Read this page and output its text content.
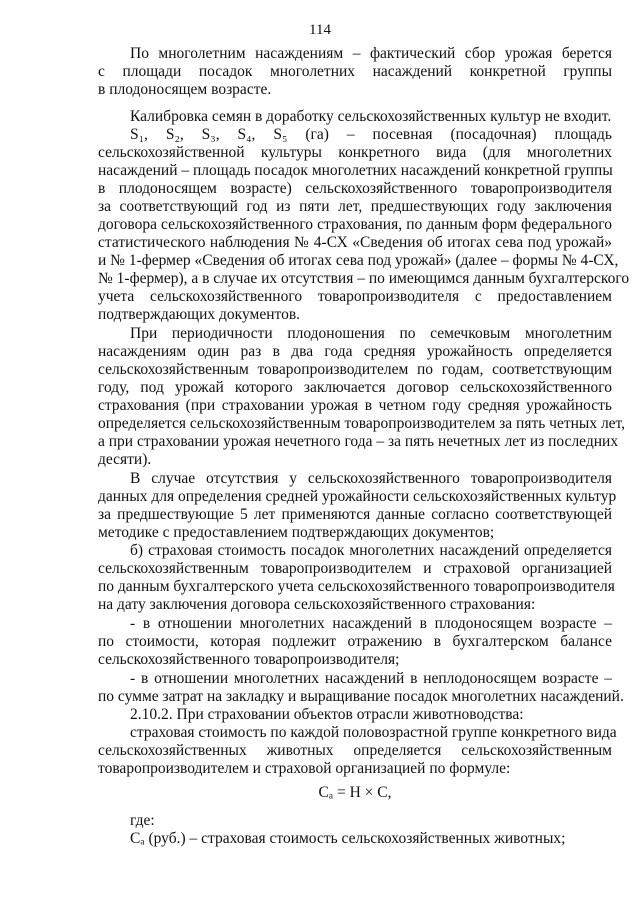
114
По многолетним насаждениям – фактический сбор урожая берется
с площади посадок многолетних насаждений конкретной группы
в плодоносящем возрасте.
Калибровка семян в доработку сельскохозяйственных культур не входит.
S₁, S₂, S₃, S₄, S₅ (га) – посевная (посадочная) площадь
сельскохозяйственной культуры конкретного вида (для многолетних
насаждений – площадь посадок многолетних насаждений конкретной группы
в плодоносящем возрасте) сельскохозяйственного товаропроизводителя
за соответствующий год из пяти лет, предшествующих году заключения
договора сельскохозяйственного страхования, по данным форм федерального
статистического наблюдения № 4-СХ «Сведения об итогах сева под урожай»
и № 1-фермер «Сведения об итогах сева под урожай» (далее – формы № 4-СХ,
№ 1-фермер), а в случае их отсутствия – по имеющимся данным бухгалтерского
учета сельскохозяйственного товаропроизводителя с предоставлением
подтверждающих документов.
При периодичности плодоношения по семечковым многолетним
насаждениям один раз в два года средняя урожайность определяется
сельскохозяйственным товаропроизводителем по годам, соответствующим
году, под урожай которого заключается договор сельскохозяйственного
страхования (при страховании урожая в четном году средняя урожайность
определяется сельскохозяйственным товаропроизводителем за пять четных лет,
а при страховании урожая нечетного года – за пять нечетных лет из последних
десяти).
В случае отсутствия у сельскохозяйственного товаропроизводителя
данных для определения средней урожайности сельскохозяйственных культур
за предшествующие 5 лет применяются данные согласно соответствующей
методике с предоставлением подтверждающих документов;
б) страховая стоимость посадок многолетних насаждений определяется
сельскохозяйственным товаропроизводителем и страховой организацией
по данным бухгалтерского учета сельскохозяйственного товаропроизводителя
на дату заключения договора сельскохозяйственного страхования:
- в отношении многолетних насаждений в плодоносящем возрасте –
по стоимости, которая подлежит отражению в бухгалтерском балансе
сельскохозяйственного товаропроизводителя;
- в отношении многолетних насаждений в неплодоносящем возрасте –
по сумме затрат на закладку и выращивание посадок многолетних насаждений.
2.10.2. При страховании объектов отрасли животноводства:
страховая стоимость по каждой половозрастной группе конкретного вида
сельскохозяйственных животных определяется сельскохозяйственным
товаропроизводителем и страховой организацией по формуле:
Cₐ = Н × С,
где:
Cₐ (руб.) – страховая стоимость сельскохозяйственных животных;
